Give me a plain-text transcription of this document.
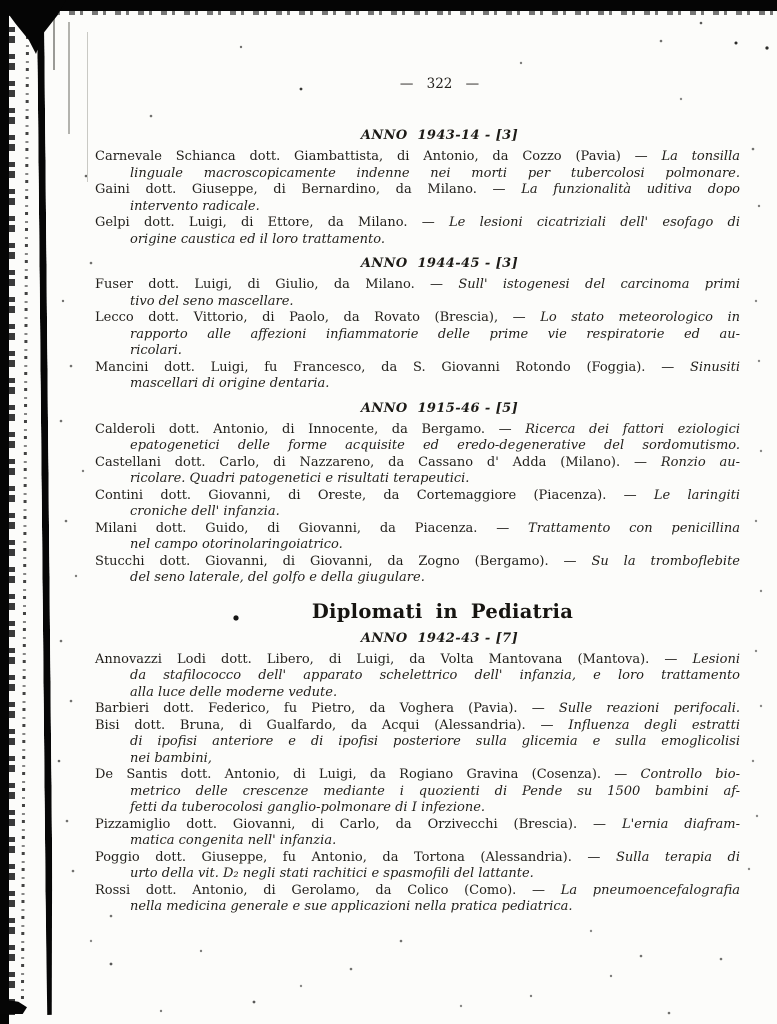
— 322 —
ANNO  1943-14 - [3]
Carnevale Schianca dott. Giambattista, di Antonio, da Cozzo (Pavia) — La tonsilla
linguale macroscopicamente indenne nei morti per tubercolosi polmonare.
Gaini dott. Giuseppe, di Bernardino, da Milano. — La funzionalità uditiva dopo
intervento radicale.
Gelpi dott. Luigi, di Ettore, da Milano. — Le lesioni cicatriziali dell' esofago di
origine caustica ed il loro trattamento.
ANNO  1944-45 - [3]
Fuser dott. Luigi, di Giulio, da Milano. — Sull' istogenesi del carcinoma primi
tivo del seno mascellare.
Lecco dott. Vittorio, di Paolo, da Rovato (Brescia), — Lo stato meteorologico in
rapporto alle affezioni infiammatorie delle prime vie respiratorie ed au-
ricolari.
Mancini dott. Luigi, fu Francesco, da S. Giovanni Rotondo (Foggia). — Sinusiti
mascellari di origine dentaria.
ANNO  1915-46 - [5]
Calderoli dott. Antonio, di Innocente, da Bergamo. — Ricerca dei fattori eziologici
epatogenetici delle forme acquisite ed eredo-degenerative del sordomutismo.
Castellani dott. Carlo, di Nazzareno, da Cassano d' Adda (Milano). — Ronzio au-
ricolare. Quadri patogenetici e risultati terapeutici.
Contini dott. Giovanni, di Oreste, da Cortemaggiore (Piacenza). — Le laringiti
croniche dell' infanzia.
Milani dott. Guido, di Giovanni, da Piacenza. — Trattamento con penicillina
nel campo otorinolaringoiatrico.
Stucchi dott. Giovanni, di Giovanni, da Zogno (Bergamo). — Su la tromboflebite
del seno laterale, del golfo e della giugulare.
Diplomati in Pediatria
ANNO  1942-43 - [7]
Annovazzi Lodi dott. Libero, di Luigi, da Volta Mantovana (Mantova). — Lesioni
da stafilococco dell' apparato schelettrico dell' infanzia, e loro trattamento
alla luce delle moderne vedute.
Barbieri dott. Federico, fu Pietro, da Voghera (Pavia). — Sulle reazioni perifocali.
Bisi dott. Bruna, di Gualfardo, da Acqui (Alessandria). — Influenza degli estratti
di ipofisi anteriore e di ipofisi posteriore sulla glicemia e sulla emoglicolisi
nei bambini,
De Santis dott. Antonio, di Luigi, da Rogiano Gravina (Cosenza). — Controllo bio-
metrico delle crescenze mediante i quozienti di Pende su 1500 bambini af-
fetti da tuberocolosi ganglio-polmonare di I infezione.
Pizzamiglio dott. Giovanni, di Carlo, da Orzivecchi (Brescia). — L'ernia diafram-
matica congenita nell' infanzia.
Poggio dott. Giuseppe, fu Antonio, da Tortona (Alessandria). — Sulla terapia di
urto della vit. D₂ negli stati rachitici e spasmofili del lattante.
Rossi dott. Antonio, di Gerolamo, da Colico (Como). — La pneumoencefalografia
nella medicina generale e sue applicazioni nella pratica pediatrica.
